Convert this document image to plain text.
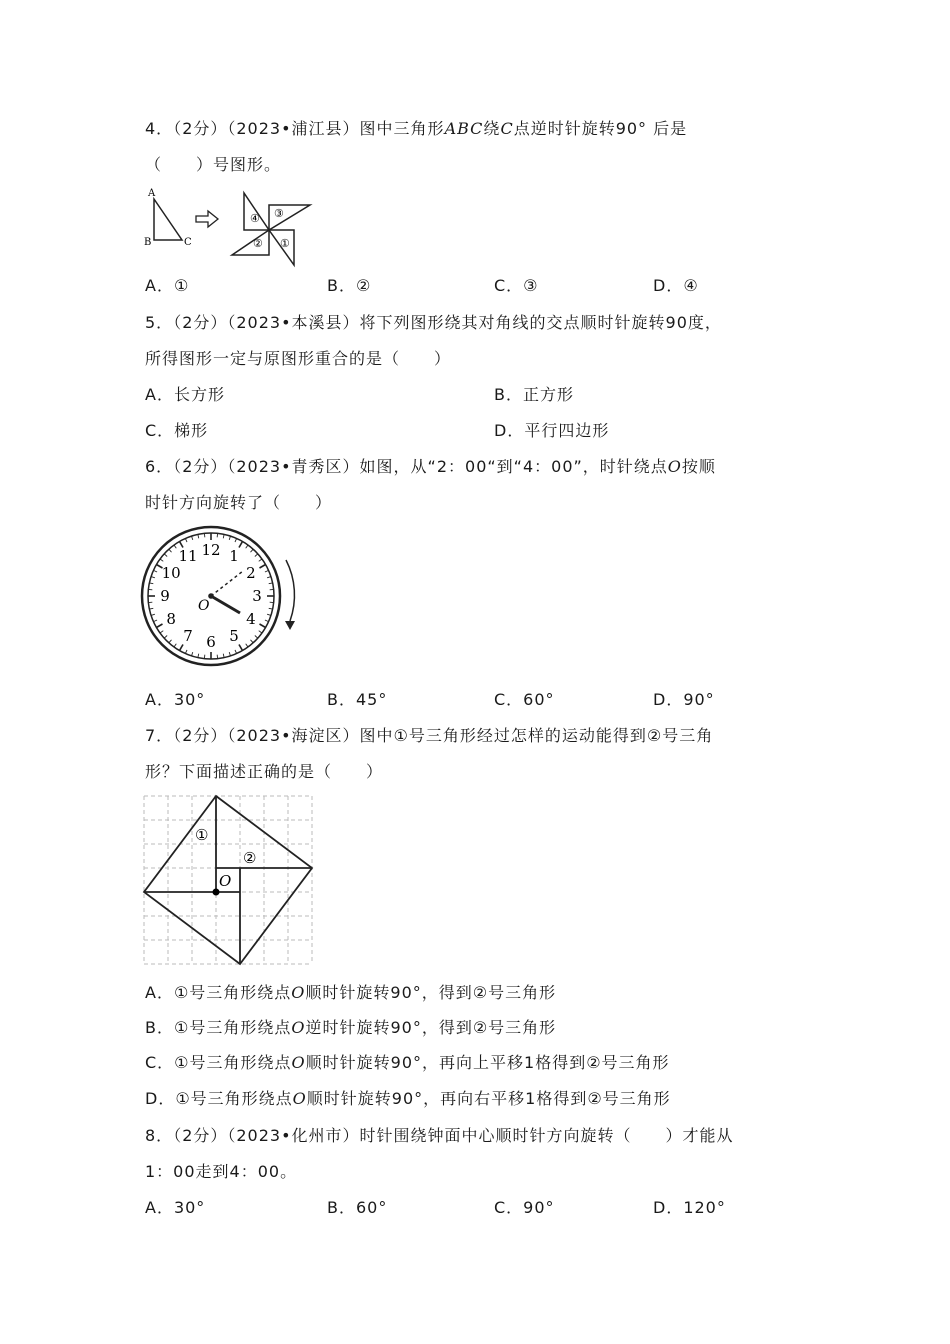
4．（2分）（2023•浦江县）图中三角形ABC绕C点逆时针旋转90° 后是
（　　）号图形。
A
B	C
④ ③
② ①
A．①	B．②	C．③	D．④
5．（2分）（2023•本溪县）将下列图形绕其对角线的交点顺时针旋转90度，
所得图形一定与原图形重合的是（　　）
A．长方形	B．正方形
C．梯形	D．平行四边形
6．（2分）（2023•青秀区）如图，从“2：00“到“4：00”，时针绕点O按顺
时针方向旋转了（　　）
12 1
2
3
4
5
6
7
8
9
10
11
O
A．30°	B．45°	C．60°	D．90°
7．（2分）（2023•海淀区）图中①号三角形经过怎样的运动能得到②号三角
形？下面描述正确的是（　　）
①
②
O
A．①号三角形绕点O顺时针旋转90°，得到②号三角形
B．①号三角形绕点O逆时针旋转90°，得到②号三角形
C．①号三角形绕点O顺时针旋转90°，再向上平移1格得到②号三角形
D．①号三角形绕点O顺时针旋转90°，再向右平移1格得到②号三角形
8．（2分）（2023•化州市）时针围绕钟面中心顺时针方向旋转（　　）才能从
1：00走到4：00。
A．30°	B．60°	C．90°	D．120°
